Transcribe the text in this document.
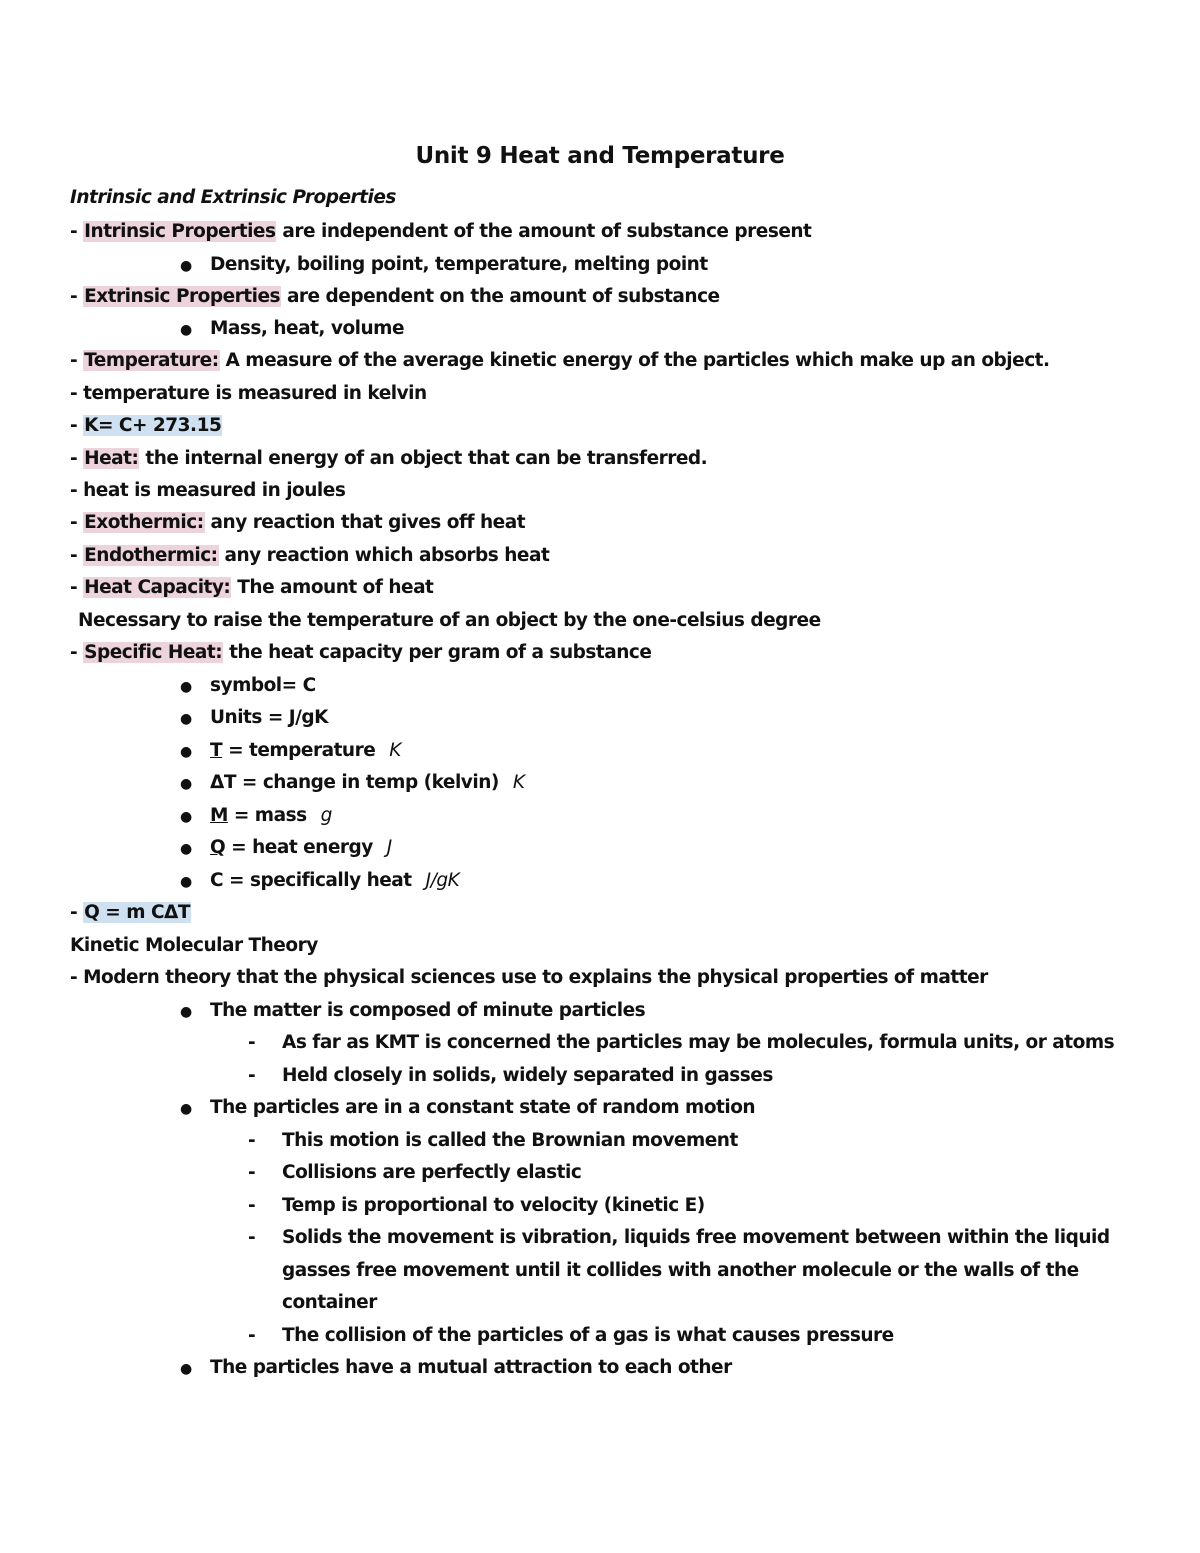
Unit 9 Heat and Temperature
Intrinsic and Extrinsic Properties
- Intrinsic Properties are independent of the amount of substance present
● Density, boiling point, temperature, melting point
- Extrinsic Properties are dependent on the amount of substance
● Mass, heat, volume
- Temperature: A measure of the average kinetic energy of the particles which make up an object.
- temperature is measured in kelvin
- K= C+ 273.15
- Heat: the internal energy of an object that can be transferred.
- heat is measured in joules
- Exothermic: any reaction that gives off heat
- Endothermic: any reaction which absorbs heat
- Heat Capacity: The amount of heat
Necessary to raise the temperature of an object by the one-celsius degree
- Specific Heat: the heat capacity per gram of a substance
● symbol= C
● Units = J/gK
● T = temperature K
● ΔT = change in temp (kelvin) K
● M = mass g
● Q = heat energy J
● C = specifically heat J/gK
- Q = m CΔT
Kinetic Molecular Theory
- Modern theory that the physical sciences use to explains the physical properties of matter
● The matter is composed of minute particles
- As far as KMT is concerned the particles may be molecules, formula units, or atoms
- Held closely in solids, widely separated in gasses
● The particles are in a constant state of random motion
- This motion is called the Brownian movement
- Collisions are perfectly elastic
- Temp is proportional to velocity (kinetic E)
- Solids the movement is vibration, liquids free movement between within the liquid
gasses free movement until it collides with another molecule or the walls of the
container
- The collision of the particles of a gas is what causes pressure
● The particles have a mutual attraction to each other
